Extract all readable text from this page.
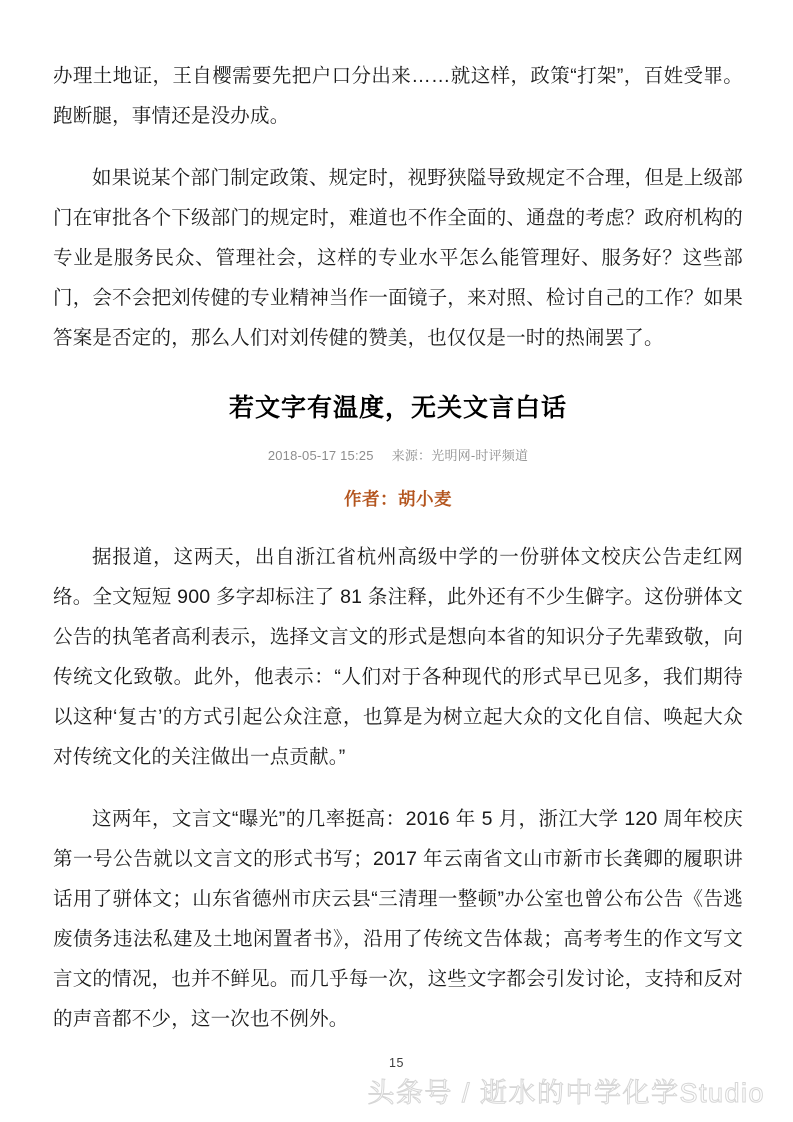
办理土地证，王自樱需要先把户口分出来……就这样，政策“打架”，百姓受罪。跑断腿，事情还是没办成。

如果说某个部门制定政策、规定时，视野狭隘导致规定不合理，但是上级部门在审批各个下级部门的规定时，难道也不作全面的、通盘的考虑？政府机构的专业是服务民众、管理社会，这样的专业水平怎么能管理好、服务好？这些部门，会不会把刘传健的专业精神当作一面镜子，来对照、检讨自己的工作？如果答案是否定的，那么人们对刘传健的赞美，也仅仅是一时的热闹罢了。

若文字有温度，无关文言白话
2018-05-17 15:25 来源：光明网-时评频道
作者：胡小麦

据报道，这两天，出自浙江省杭州高级中学的一份骈体文校庆公告走红网络。全文短短 900 多字却标注了 81 条注释，此外还有不少生僻字。这份骈体文公告的执笔者高利表示，选择文言文的形式是想向本省的知识分子先辈致敬，向传统文化致敬。此外，他表示：“人们对于各种现代的形式早已见多，我们期待以这种‘复古’的方式引起公众注意，也算是为树立起大众的文化自信、唤起大众对传统文化的关注做出一点贡献。”

这两年，文言文“曝光”的几率挺高：2016 年 5 月，浙江大学 120 周年校庆第一号公告就以文言文的形式书写；2017 年云南省文山市新市长龚卿的履职讲话用了骈体文；山东省德州市庆云县“三清理一整顿”办公室也曾公布公告《告逃废债务违法私建及土地闲置者书》，沿用了传统文告体裁；高考考生的作文写文言文的情况，也并不鲜见。而几乎每一次，这些文字都会引发讨论，支持和反对的声音都不少，这一次也不例外。

15
头条号 / 逝水的中学化学Studio
